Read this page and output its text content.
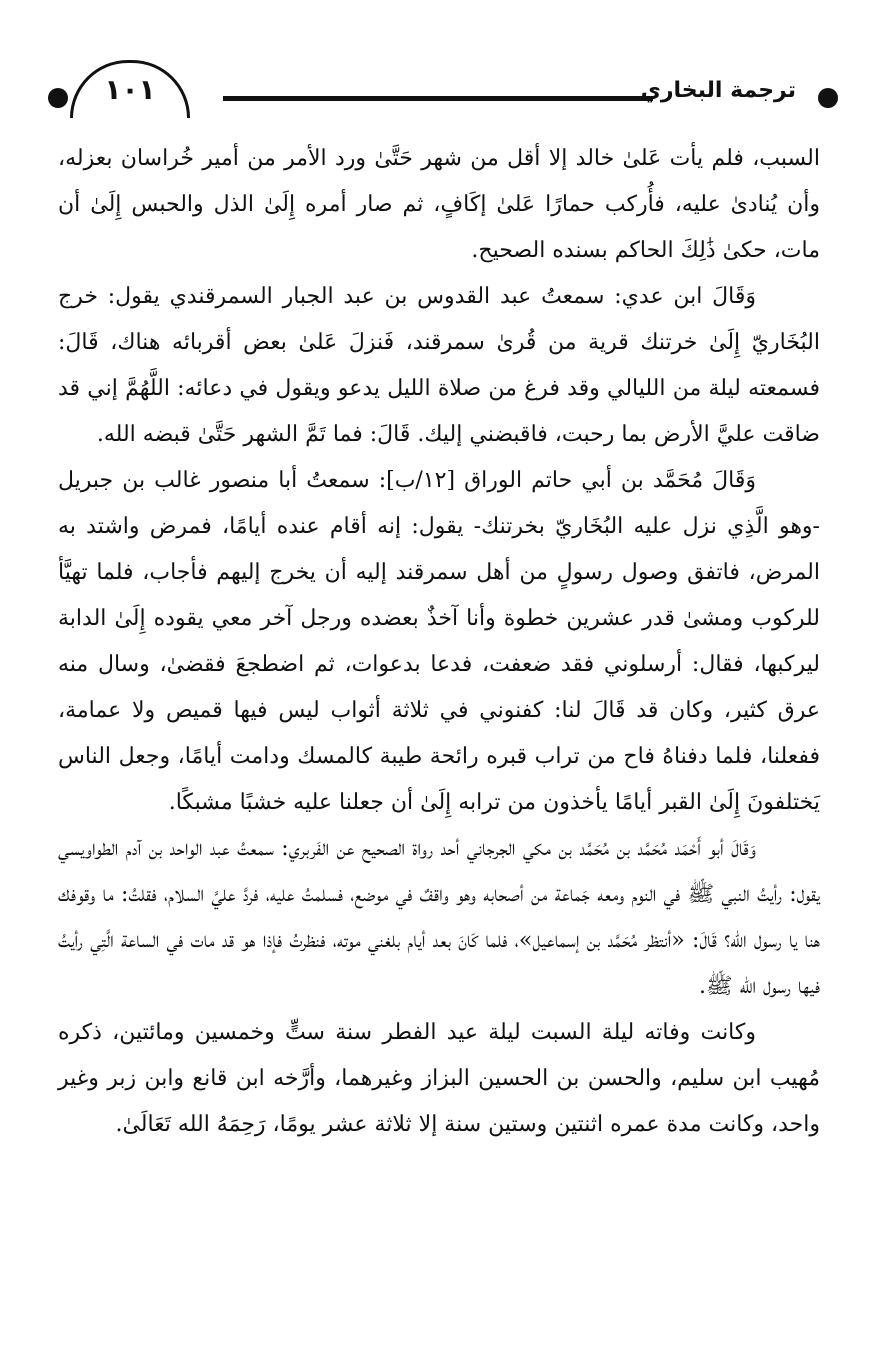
١٠١	ترجمة البخاري

السبب، فلم يأت عَلىٰ خالد إلا أقل من شهر حَتَّىٰ ورد الأمر من أمير خُراسان بعزله، وأن يُنادىٰ عليه، فأُركب حمارًا عَلىٰ إكَافٍ، ثم صار أمره إِلَىٰ الذل والحبس إِلَىٰ أن مات، حكىٰ ذَٰلِكَ الحاكم بسنده الصحيح.

وَقَالَ ابن عدي: سمعتُ عبد القدوس بن عبد الجبار السمرقندي يقول: خرج البُخَاريّ إِلَىٰ خرتنك قرية من قُرىٰ سمرقند، فَنزلَ عَلىٰ بعض أقربائه هناك، قَالَ: فسمعته ليلة من الليالي وقد فرغ من صلاة الليل يدعو ويقول في دعائه: اللَّهُمَّ إني قد ضاقت عليَّ الأرض بما رحبت، فاقبضني إليك. قَالَ: فما تَمَّ الشهر حَتَّىٰ قبضه الله.

وَقَالَ مُحَمَّد بن أبي حاتم الوراق [١٢/ب]: سمعتُ أبا منصور غالب بن جبريل -وهو الَّذِي نزل عليه البُخَاريّ بخرتنك- يقول: إنه أقام عنده أيامًا، فمرض واشتد به المرض، فاتفق وصول رسولٍ من أهل سمرقند إليه أن يخرج إليهم فأجاب، فلما تهيَّأ للركوب ومشىٰ قدر عشرين خطوة وأنا آخذٌ بعضده ورجل آخر معي يقوده إِلَىٰ الدابة ليركبها، فقال: أرسلوني فقد ضعفت، فدعا بدعوات، ثم اضطجعَ فقضىٰ، وسال منه عرق كثير، وكان قد قَالَ لنا: كفنوني في ثلاثة أثواب ليس فيها قميص ولا عمامة، ففعلنا، فلما دفناهُ فاح من تراب قبره رائحة طيبة كالمسك ودامت أيامًا، وجعل الناس يَختلفونَ إِلَىٰ القبر أيامًا يأخذون من ترابه إِلَىٰ أن جعلنا عليه خشبًا مشبكًا.

وَقَالَ أبو أَحْمَد مُحَمَّد بن مُحَمَّد بن مكي الجرجاني أحد رواة الصحيح عن الفَربري: سمعتُ عبد الواحد بن آدم الطواويسي يقول: رأيتُ النبي ﷺ في النوم ومعه جَماعة من أصحابه وهو واقفٌ في موضع، فسلمتُ عليه، فردَّ عليَّ السلام، فقلتُ: ما وقوفك هنا يا رسول الله؟ قَالَ: «أنتظر مُحَمَّد بن إسماعيل»، فلما كَانَ بعد أيام بلغني موته، فنظرتُ فإذا هو قد مات في الساعة الَّتِي رأيتُ فيها رسول الله ﷺ.

وكانت وفاته ليلة السبت ليلة عيد الفطر سنة ستٍّ وخمسين ومائتين، ذكره مُهيب ابن سليم، والحسن بن الحسين البزاز وغيرهما، وأرَّخه ابن قانع وابن زبر وغير واحد، وكانت مدة عمره اثنتين وستين سنة إلا ثلاثة عشر يومًا، رَحِمَهُ الله تَعَالَىٰ.
